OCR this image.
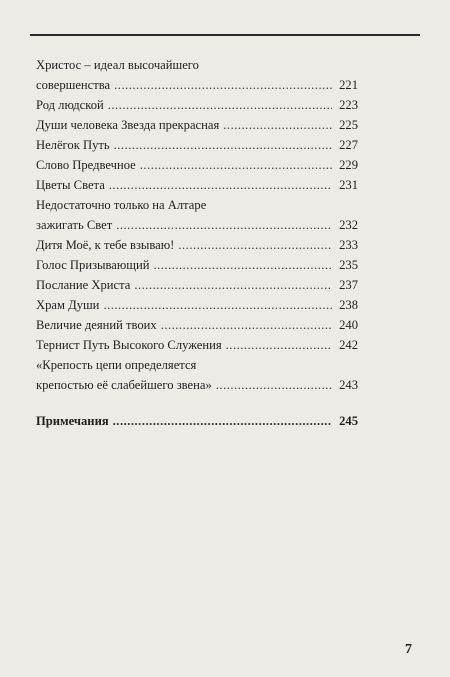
Христос – идеал высочайшего
совершенства .....	221
Род людской .....	223
Души человека Звезда прекрасная .....	225
Нелёгок Путь .....	227
Слово Предвечное .....	229
Цветы Света .....	231
Недостаточно только на Алтаре
зажигать Свет .....	232
Дитя Моё, к тебе взываю! .....	233
Голос Призывающий .....	235
Послание Христа .....	237
Храм Души .....	238
Величие деяний твоих .....	240
Тернист Путь Высокого Служения .....	242
«Крепость цепи определяется
крепостью её слабейшего звена» .....	243
Примечания .....	245
7
